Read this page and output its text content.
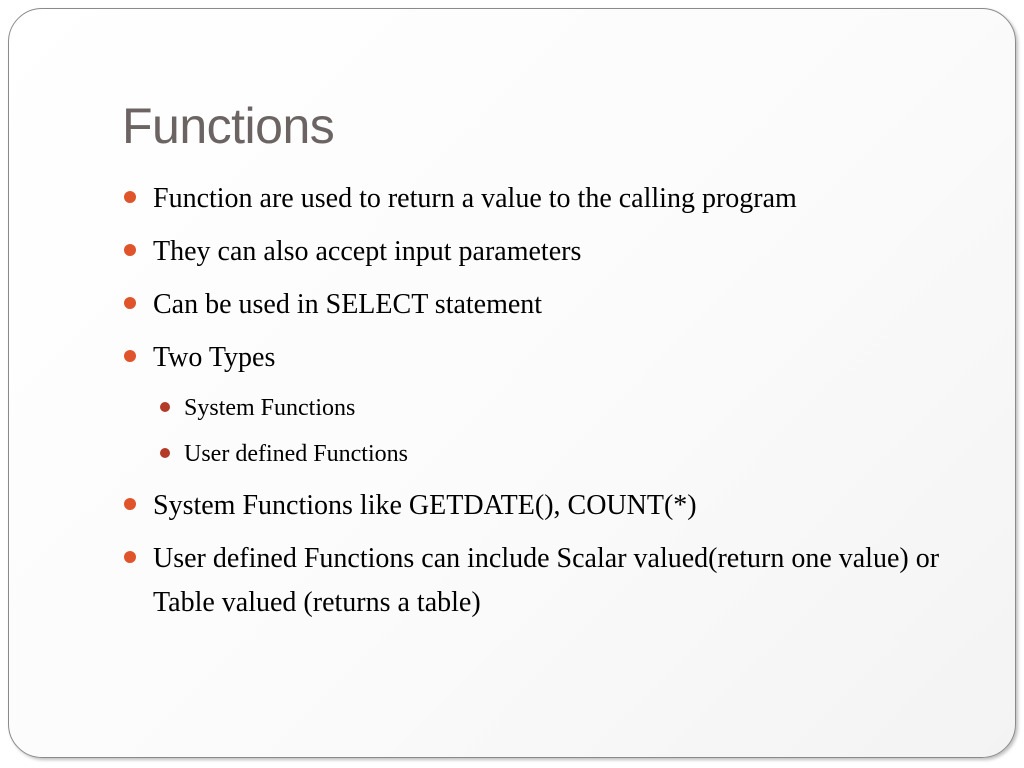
Functions
Function are used to return a value to the calling program
They can also accept input parameters
Can be used in SELECT statement
Two Types
System Functions
User defined Functions
System Functions like GETDATE(), COUNT(*)
User defined Functions can include Scalar valued(return one value) or Table valued (returns a table)
